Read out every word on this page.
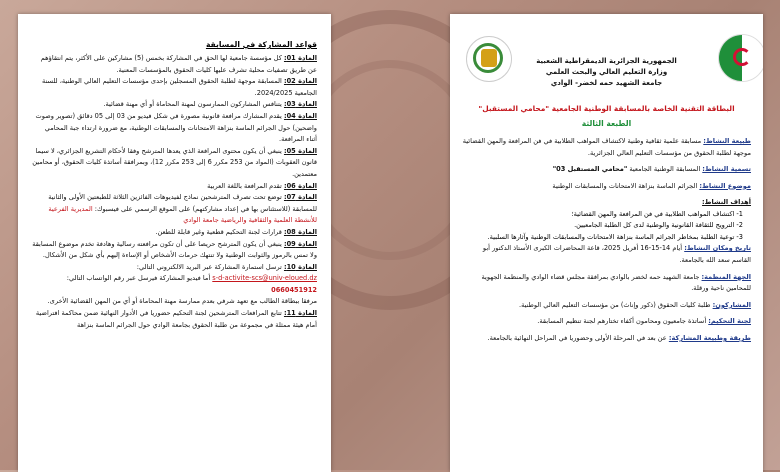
قواعد المشاركة في المسابقة

المادة 01: كل مؤسسة جامعية لها الحق في المشاركة بخمس (5) مشاركين على الأكثر، يتم انتقاؤهم عن طريق تصفيات محلية تشرف عليها كليات الحقوق بالمؤسسات المعنية.

المادة 02: المسابقة موجهة لطلبة الحقوق المسجلين بإحدى مؤسسات التعليم العالي الوطنية، للسنة الجامعية 2024/2025.

المادة 03: يتنافس المشاركون الممارسون لمهنة المحاماة أو أي مهنة قضائية.

المادة 04: يقدم المشارك مرافعة قانونية مصورة في شكل فيديو من 03 إلى 05 دقائق (تصوير وصوت واضحين) حول الجرائم الماسة بنزاهة الامتحانات والمسابقات الوطنية، مع ضرورة ارتداء جبة المحامي أثناء المرافعة.

المادة 05: ينبغي أن يكون محتوى المرافعة الذي يعدها المترشح وفقا لأحكام التشريع الجزائري، لا سيما قانون العقوبات (المواد من 253 مكرر 6 إلى 253 مكرر 12)، وبمرافقة أساتذة كليات الحقوق، أو محامين معتمدين.

المادة 06: تقدم المرافعة باللغة العربية

المادة 07: توضع تحت تصرف المترشحين نماذج لفيديوهات الفائزين الثلاثة للطبعتين الأولى والثانية للمسابقة (للاستئناس بها في إعداد مشاركتهم) على الموقع الرسمي على فيسبوك: المديرية الفرعية للأنشطة العلمية والثقافية والرياضية جامعة الوادي

المادة 08: قرارات لجنة التحكيم قطعية وغير قابلة للطعن.

المادة 09: ينبغي أن يكون المترشح حريصا على أن تكون مرافعته رسالية وهادفة تخدم موضوع المسابقة ولا تمس بالرموز والثوابت الوطنية ولا تنتهك حرمات الأشخاص أو الإساءة إليهم بأي شكل من الأشكال.

المادة 10: ترسل استمارة المشاركة عبر البريد الالكتروني التالي:

s-d-activite-scs@univ-eloued.dz أما فيديو المشاركة فيرسل عبر رقم الواتساب التالي: 0660451912

مرفقا ببطاقة الطالب مع تعهد شرفي بعدم ممارسة مهنة المحاماة أو أي من المهن القضائية الأخرى.

المادة 11: تتابع المرافعات المترشحين لجنة التحكيم حضوريا في الأدوار النهائية ضمن محاكمة افتراضية أمام هيئة ممثلة في مجموعة من طلبة الحقوق بجامعة الوادي حول الجرائم الماسة بنزاهة

الجمهورية الجزائرية الديمقراطية الشعبية
وزارة التعليم العالي والبحث العلمي
جامعة الشهيد حمه لخضر- الوادي

البطاقة التقنية الخاصة بالمسابقة الوطنية الجامعية "محامي المستقبل"

الطبعة الثالثة

طبيعة النشاط: مسابقة علمية ثقافية وطنية لاكتشاف المواهب الطلابية في فن المرافعة والمهن القضائية موجهة لطلبة الحقوق من مؤسسات التعليم العالي الجزائرية.

تسمية النشاط: المسابقة الوطنية الجامعية "محامي المستقبل 03"

موضوع النشاط: الجرائم الماسة بنزاهة الامتحانات والمسابقات الوطنية

أهداف النشاط:

1- اكتشاف المواهب الطلابية في فن المرافعة والمهن القضائية؛
2- الترويج للثقافة القانونية والوطنية لدى كل الطلبة الجامعيين.
3- توعية الطلبة بمخاطر الجرائم الماسة بنزاهة الامتحانات والمسابقات الوطنية وآثارها السلبية.

تاريخ ومكان النشاط: أيام 14-15-16 أفريل 2025، قاعة المحاضرات الكبرى الأستاذ الدكتور أبو القاسم سعد الله بالجامعة.

الجهة المنظمة: جامعة الشهيد حمه لخضر بالوادي بمرافقة مجلس قضاء الوادي والمنظمة الجهوية للمحامين ناحية ورقلة.

المشاركون: طلبة كليات الحقوق (ذكور وإناث) من مؤسسات التعليم العالي الوطنية.

لجنة التحكيم: أساتذة جامعيون ومحامون أكفاء تختارهم لجنة تنظيم المسابقة.

طريقة وطبيعة المشاركة: عن بعد في المرحلة الأولى وحضوريا في المراحل النهائية بالجامعة.
